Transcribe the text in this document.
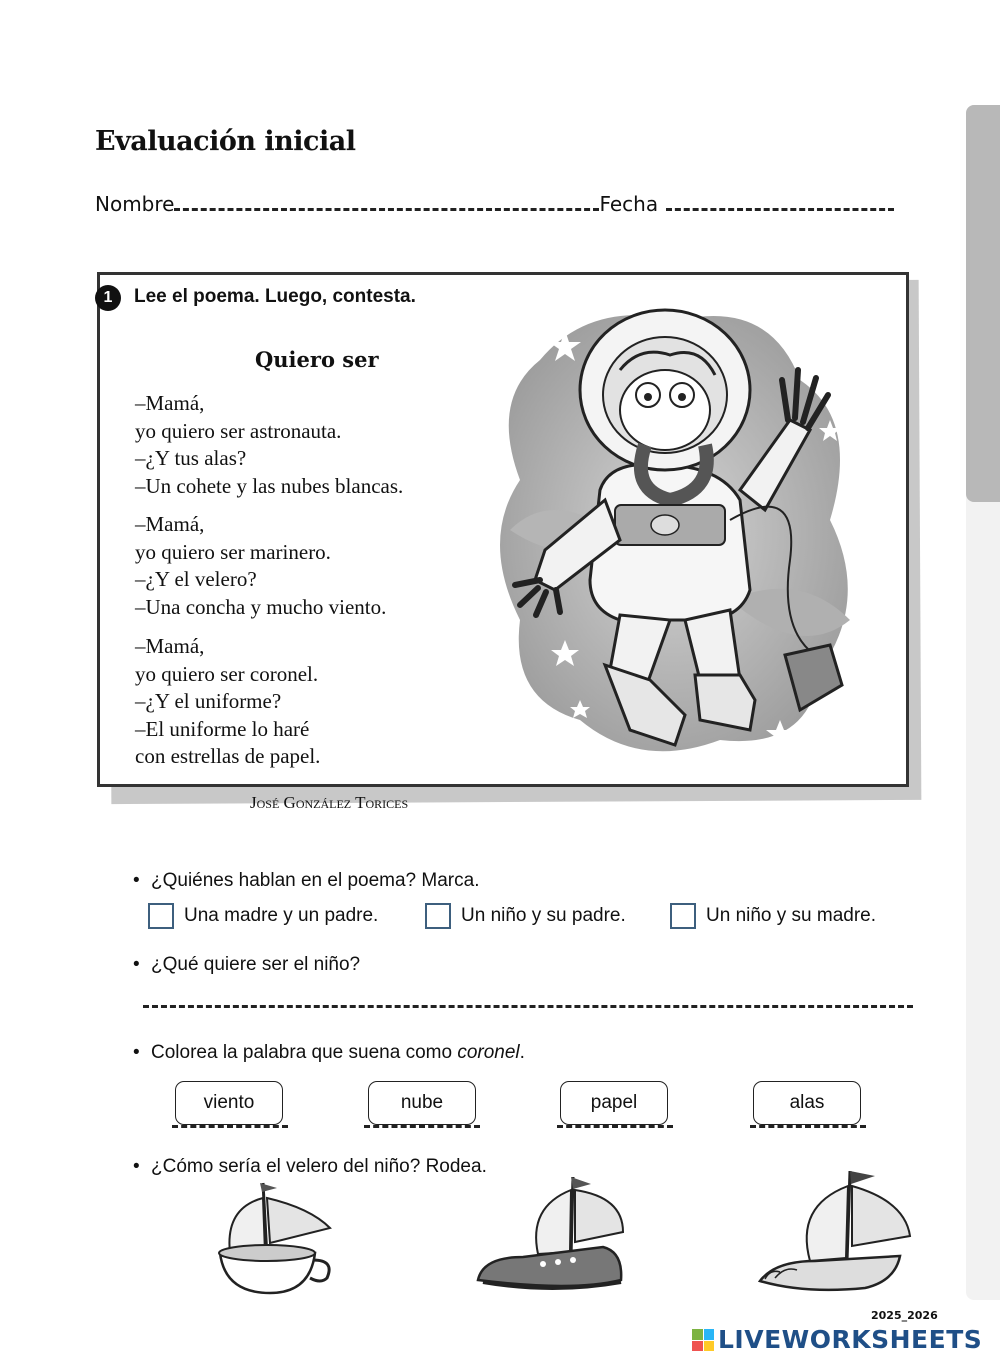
Evaluación inicial
Nombre	Fecha
1	Lee el poema. Luego, contesta.
Quiero ser
–Mamá,
yo quiero ser astronauta.
–¿Y tus alas?
–Un cohete y las nubes blancas.
–Mamá,
yo quiero ser marinero.
–¿Y el velero?
–Una concha y mucho viento.
–Mamá,
yo quiero ser coronel.
–¿Y el uniforme?
–El uniforme lo haré
con estrellas de papel.
José González Torices
• ¿Quiénes hablan en el poema? Marca.
Una madre y un padre.	Un niño y su padre.	Un niño y su madre.
• ¿Qué quiere ser el niño?
• Colorea la palabra que suena como coronel.
viento	nube	papel	alas
• ¿Cómo sería el velero del niño? Rodea.
2025_2026
LIVEWORKSHEETS
